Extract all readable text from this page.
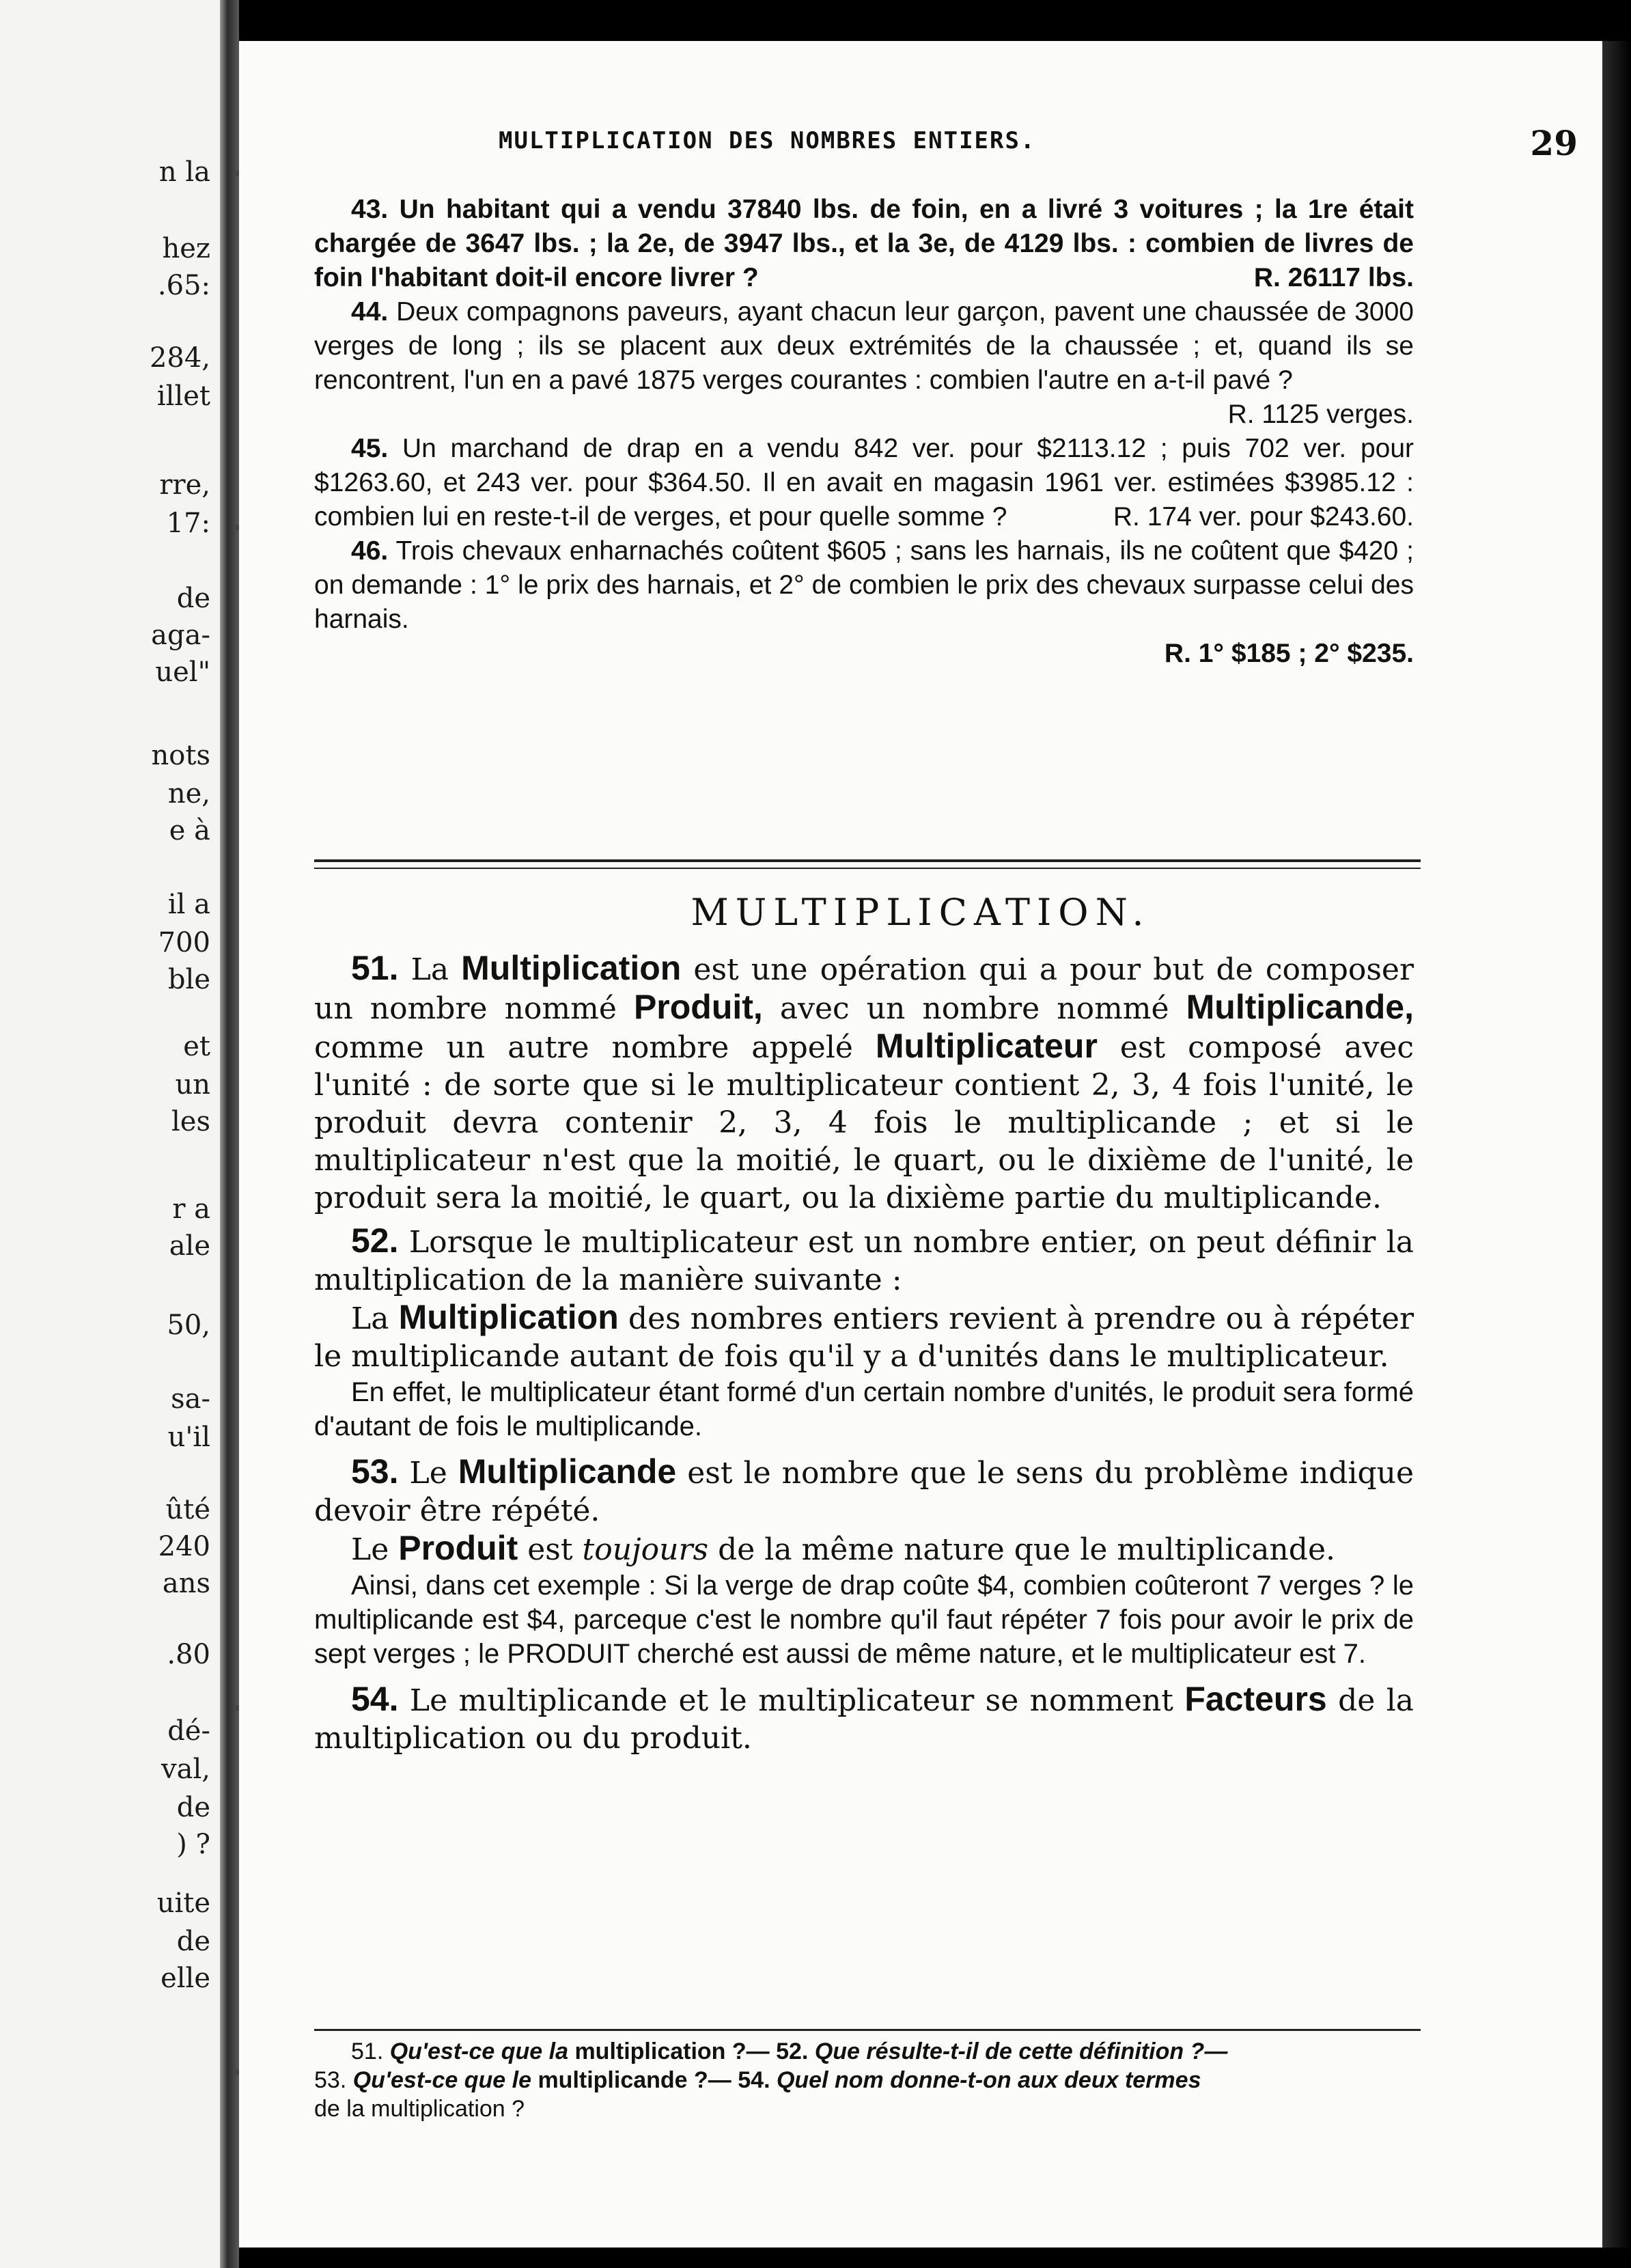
n la
hez
.65:
284,
illet
rre,
17:
de
aga-
uel"
nots
ne,
e à
il a
700
ble
et
un
les
r a
ale
50,
sa-
u'il
ûté
240
ans
.80
dé-
val,
de
) ?
uite
de
elle
MULTIPLICATION DES NOMBRES ENTIERS.	29

43. Un habitant qui a vendu 37840 lbs. de foin, en a livré 3 voitures ; la 1re était chargée de 3647 lbs. ; la 2e, de 3947 lbs., et la 3e, de 4129 lbs. : combien de livres de foin l'habitant doit-il encore livrer ?	R. 26117 lbs.

44. Deux compagnons paveurs, ayant chacun leur garçon, pavent une chaussée de 3000 verges de long ; ils se placent aux deux extrémités de la chaussée ; et, quand ils se rencontrent, l'un en a pavé 1875 verges courantes : combien l'autre en a-t-il pavé ?

R. 1125 verges.

45. Un marchand de drap en a vendu 842 ver. pour $2113.12 ; puis 702 ver. pour $1263.60, et 243 ver. pour $364.50. Il en avait en magasin 1961 ver. estimées $3985.12 : combien lui en reste-t-il de verges, et pour quelle somme ?	R. 174 ver. pour $243.60.

46. Trois chevaux enharnachés coûtent $605 ; sans les harnais, ils ne coûtent que $420 ; on demande : 1° le prix des harnais, et 2° de combien le prix des chevaux surpasse celui des harnais.

R. 1° $185 ; 2° $235.

MULTIPLICATION.

51. La Multiplication est une opération qui a pour but de composer un nombre nommé Produit, avec un nombre nommé Multiplicande, comme un autre nombre appelé Multiplicateur est composé avec l'unité : de sorte que si le multiplicateur contient 2, 3, 4 fois l'unité, le produit devra contenir 2, 3, 4 fois le multiplicande ; et si le multiplicateur n'est que la moitié, le quart, ou le dixième de l'unité, le produit sera la moitié, le quart, ou la dixième partie du multiplicande.

52. Lorsque le multiplicateur est un nombre entier, on peut définir la multiplication de la manière suivante :

La Multiplication des nombres entiers revient à prendre ou à répéter le multiplicande autant de fois qu'il y a d'unités dans le multiplicateur.

En effet, le multiplicateur étant formé d'un certain nombre d'unités, le produit sera formé d'autant de fois le multiplicande.

53. Le Multiplicande est le nombre que le sens du problème indique devoir être répété.

Le Produit est toujours de la même nature que le multiplicande.

Ainsi, dans cet exemple : Si la verge de drap coûte $4, combien coûteront 7 verges ? le multiplicande est $4, parceque c'est le nombre qu'il faut répéter 7 fois pour avoir le prix de sept verges ; le PRODUIT cherché est aussi de même nature, et le multiplicateur est 7.

54. Le multiplicande et le multiplicateur se nomment Facteurs de la multiplication ou du produit.

51. Qu'est-ce que la multiplication ?— 52. Que résulte-t-il de cette définition ?—

53. Qu'est-ce que le multiplicande ?— 54. Quel nom donne-t-on aux deux termes

de la multiplication ?
